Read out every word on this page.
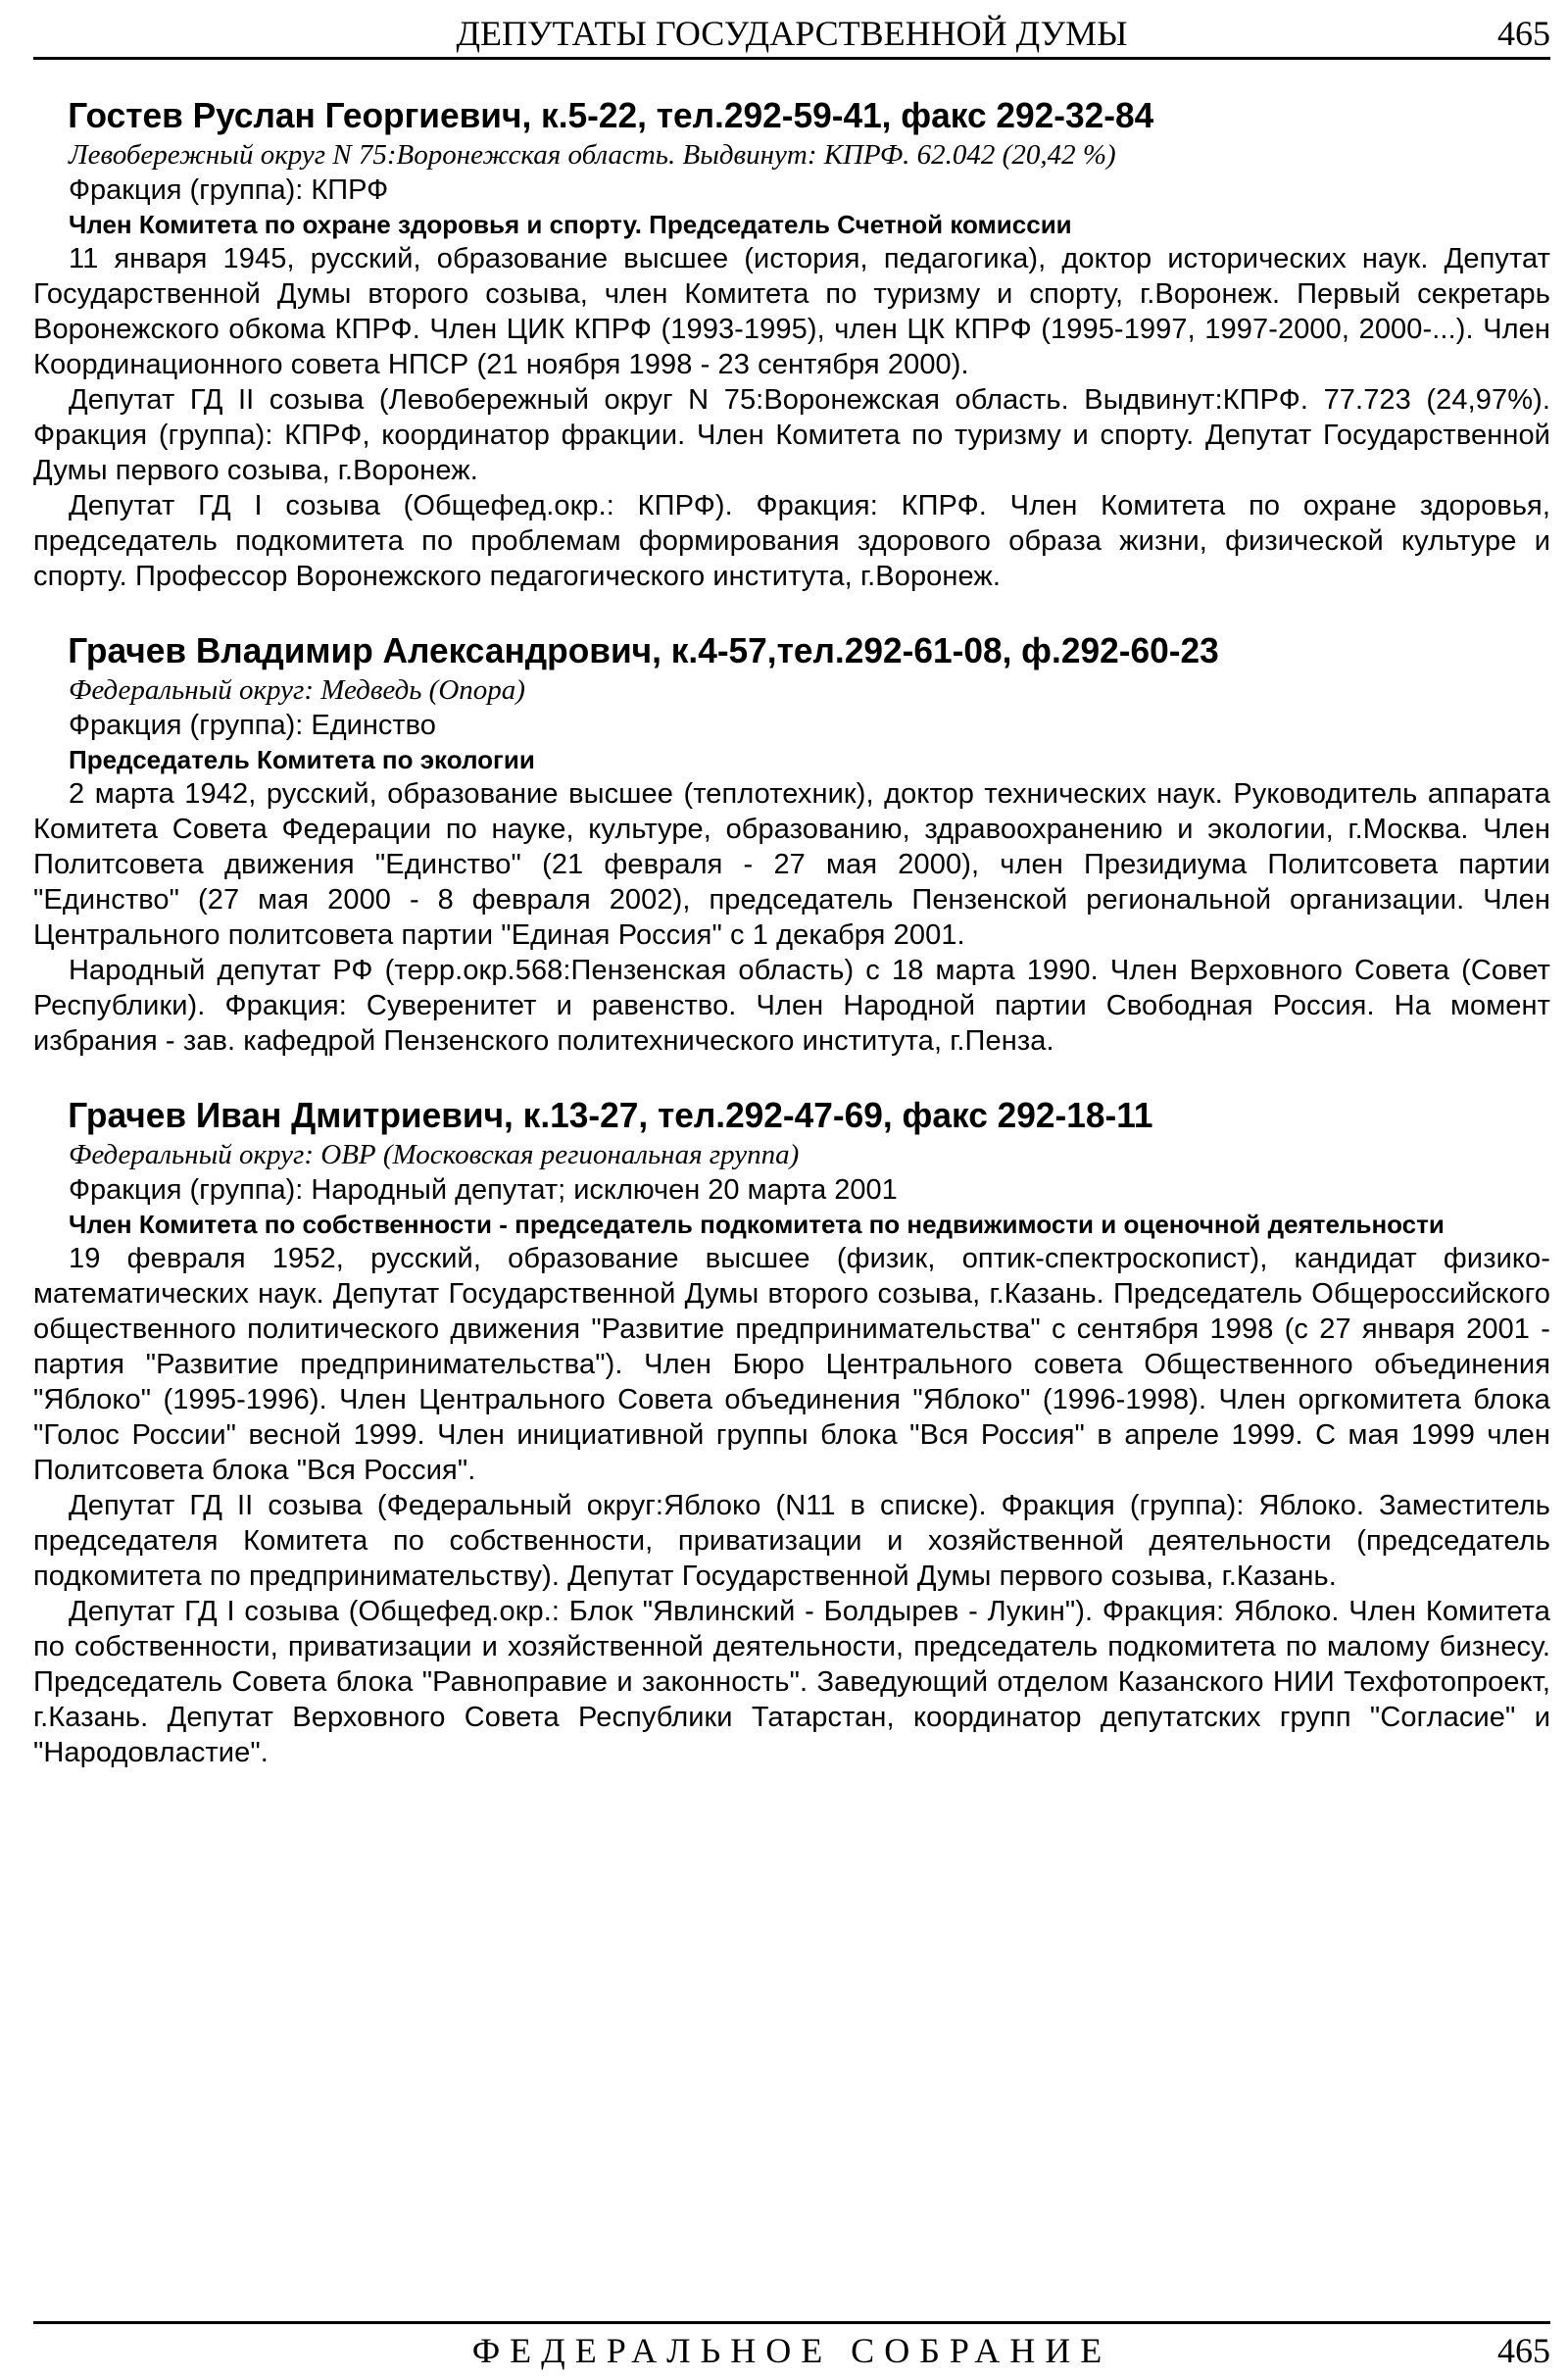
ДЕПУТАТЫ ГОСУДАРСТВЕННОЙ ДУМЫ	465
Гостев Руслан Георгиевич, к.5-22, тел.292-59-41, факс 292-32-84

Левобережный округ N 75:Воронежская область. Выдвинут: КПРФ. 62.042 (20,42 %)

Фракция (группа): КПРФ

Член Комитета по охране здоровья и спорту. Председатель Счетной комиссии

11 января 1945, русский, образование высшее (история, педагогика), доктор исторических наук. Депутат Государственной Думы второго созыва, член Комитета по туризму и спорту, г.Воронеж. Первый секретарь Воронежского обкома КПРФ. Член ЦИК КПРФ (1993-1995), член ЦК КПРФ (1995-1997, 1997-2000, 2000-...). Член Координационного совета НПСР (21 ноября 1998 - 23 сентября 2000).

Депутат ГД II созыва (Левобережный округ N 75:Воронежская область. Выдвинут:КПРФ. 77.723 (24,97%). Фракция (группа): КПРФ, координатор фракции. Член Комитета по туризму и спорту. Депутат Государственной Думы первого созыва, г.Воронеж.

Депутат ГД I созыва (Общефед.окр.: КПРФ). Фракция: КПРФ. Член Комитета по охране здоровья, председатель подкомитета по проблемам формирования здорового образа жизни, физической культуре и спорту. Профессор Воронежского педагогического института, г.Воронеж.

Грачев Владимир Александрович, к.4-57,тел.292-61-08, ф.292-60-23

Федеральный округ: Медведь (Опора)

Фракция (группа): Единство

Председатель Комитета по экологии

2 марта 1942, русский, образование высшее (теплотехник), доктор технических наук. Руководитель аппарата Комитета Совета Федерации по науке, культуре, образованию, здравоохранению и экологии, г.Москва. Член Политсовета движения "Единство" (21 февраля - 27 мая 2000), член Президиума Политсовета партии "Единство" (27 мая 2000 - 8 февраля 2002), председатель Пензенской региональной организации. Член Центрального политсовета партии "Единая Россия" с 1 декабря 2001.

Народный депутат РФ (терр.окр.568:Пензенская область) с 18 марта 1990. Член Верховного Совета (Совет Республики). Фракция: Суверенитет и равенство. Член Народной партии Свободная Россия. На момент избрания - зав. кафедрой Пензенского политехнического института, г.Пенза.

Грачев Иван Дмитриевич, к.13-27, тел.292-47-69, факс 292-18-11

Федеральный округ: ОВР (Московская региональная группа)

Фракция (группа): Народный депутат; исключен 20 марта 2001

Член Комитета по собственности - председатель подкомитета по недвижимости и оценочной деятельности

19 февраля 1952, русский, образование высшее (физик, оптик-спектроскопист), кандидат физико-математических наук. Депутат Государственной Думы второго созыва, г.Казань. Председатель Общероссийского общественного политического движения "Развитие предпринимательства" с сентября 1998 (с 27 января 2001 - партия "Развитие предпринимательства"). Член Бюро Центрального совета Общественного объединения "Яблоко" (1995-1996). Член Центрального Совета объединения "Яблоко" (1996-1998). Член оргкомитета блока "Голос России" весной 1999. Член инициативной группы блока "Вся Россия" в апреле 1999. С мая 1999 член Политсовета блока "Вся Россия".

Депутат ГД II созыва (Федеральный округ:Яблоко (N11 в списке). Фракция (группа): Яблоко. Заместитель председателя Комитета по собственности, приватизации и хозяйственной деятельности (председатель подкомитета по предпринимательству). Депутат Государственной Думы первого созыва, г.Казань.

Депутат ГД I созыва (Общефед.окр.: Блок "Явлинский - Болдырев - Лукин"). Фракция: Яблоко. Член Комитета по собственности, приватизации и хозяйственной деятельности, председатель подкомитета по малому бизнесу. Председатель Совета блока "Равноправие и законность". Заведующий отделом Казанского НИИ Техфотопроект, г.Казань. Депутат Верховного Совета Республики Татарстан, координатор депутатских групп "Согласие" и "Народовластие".

ФЕДЕРАЛЬНОЕ СОБРАНИЕ	465
